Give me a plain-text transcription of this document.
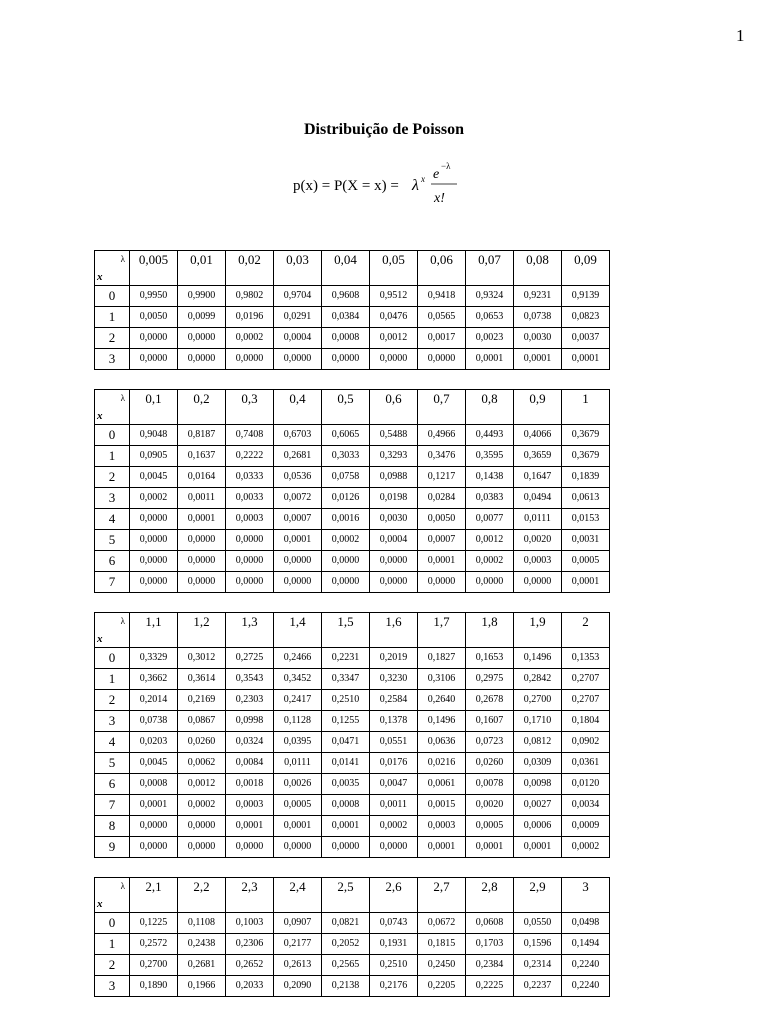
1
Distribuição de Poisson
p(x) = P(X = x) = λ x e
−λ
x!
λ
x	0,005	0,01	0,02	0,03	0,04	0,05	0,06	0,07	0,08	0,09
0	0,9950	0,9900	0,9802	0,9704	0,9608	0,9512	0,9418	0,9324	0,9231	0,9139
1	0,0050	0,0099	0,0196	0,0291	0,0384	0,0476	0,0565	0,0653	0,0738	0,0823
2	0,0000	0,0000	0,0002	0,0004	0,0008	0,0012	0,0017	0,0023	0,0030	0,0037
3	0,0000	0,0000	0,0000	0,0000	0,0000	0,0000	0,0000	0,0001	0,0001	0,0001
λ
x	0,1	0,2	0,3	0,4	0,5	0,6	0,7	0,8	0,9	1
0	0,9048	0,8187	0,7408	0,6703	0,6065	0,5488	0,4966	0,4493	0,4066	0,3679
1	0,0905	0,1637	0,2222	0,2681	0,3033	0,3293	0,3476	0,3595	0,3659	0,3679
2	0,0045	0,0164	0,0333	0,0536	0,0758	0,0988	0,1217	0,1438	0,1647	0,1839
3	0,0002	0,0011	0,0033	0,0072	0,0126	0,0198	0,0284	0,0383	0,0494	0,0613
4	0,0000	0,0001	0,0003	0,0007	0,0016	0,0030	0,0050	0,0077	0,0111	0,0153
5	0,0000	0,0000	0,0000	0,0001	0,0002	0,0004	0,0007	0,0012	0,0020	0,0031
6	0,0000	0,0000	0,0000	0,0000	0,0000	0,0000	0,0001	0,0002	0,0003	0,0005
7	0,0000	0,0000	0,0000	0,0000	0,0000	0,0000	0,0000	0,0000	0,0000	0,0001
λ
x	1,1	1,2	1,3	1,4	1,5	1,6	1,7	1,8	1,9	2
0	0,3329	0,3012	0,2725	0,2466	0,2231	0,2019	0,1827	0,1653	0,1496	0,1353
1	0,3662	0,3614	0,3543	0,3452	0,3347	0,3230	0,3106	0,2975	0,2842	0,2707
2	0,2014	0,2169	0,2303	0,2417	0,2510	0,2584	0,2640	0,2678	0,2700	0,2707
3	0,0738	0,0867	0,0998	0,1128	0,1255	0,1378	0,1496	0,1607	0,1710	0,1804
4	0,0203	0,0260	0,0324	0,0395	0,0471	0,0551	0,0636	0,0723	0,0812	0,0902
5	0,0045	0,0062	0,0084	0,0111	0,0141	0,0176	0,0216	0,0260	0,0309	0,0361
6	0,0008	0,0012	0,0018	0,0026	0,0035	0,0047	0,0061	0,0078	0,0098	0,0120
7	0,0001	0,0002	0,0003	0,0005	0,0008	0,0011	0,0015	0,0020	0,0027	0,0034
8	0,0000	0,0000	0,0001	0,0001	0,0001	0,0002	0,0003	0,0005	0,0006	0,0009
9	0,0000	0,0000	0,0000	0,0000	0,0000	0,0000	0,0001	0,0001	0,0001	0,0002
λ
x	2,1	2,2	2,3	2,4	2,5	2,6	2,7	2,8	2,9	3
0	0,1225	0,1108	0,1003	0,0907	0,0821	0,0743	0,0672	0,0608	0,0550	0,0498
1	0,2572	0,2438	0,2306	0,2177	0,2052	0,1931	0,1815	0,1703	0,1596	0,1494
2	0,2700	0,2681	0,2652	0,2613	0,2565	0,2510	0,2450	0,2384	0,2314	0,2240
3	0,1890	0,1966	0,2033	0,2090	0,2138	0,2176	0,2205	0,2225	0,2237	0,2240
